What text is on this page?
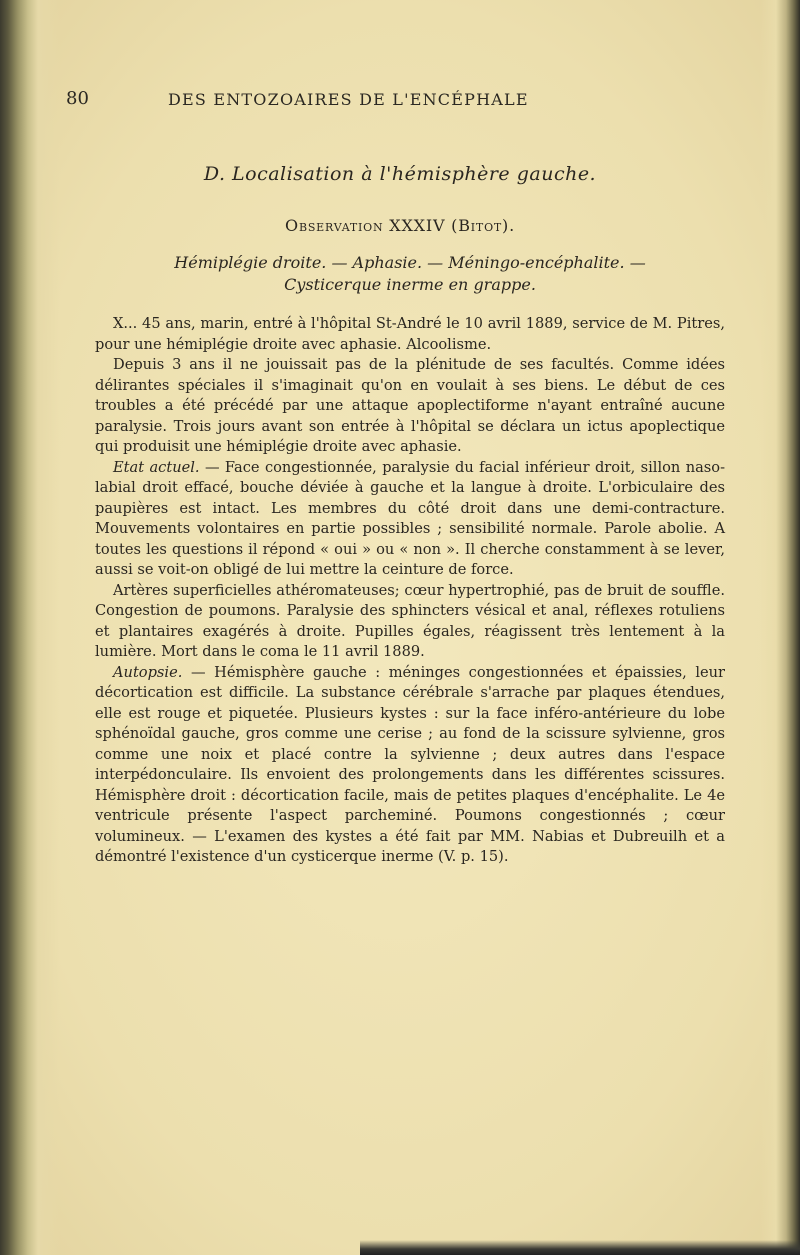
80	DES ENTOZOAIRES DE L'ENCÉPHALE
D. Localisation à l'hémisphère gauche.
Observation XXXIV (Bitot).
Hémiplégie droite. — Aphasie. — Méningo-encéphalite. —
Cysticerque inerme en grappe.

X... 45 ans, marin, entré à l'hôpital St-André le 10 avril 1889, service de M. Pitres, pour une hémiplégie droite avec aphasie. Alcoolisme.

Depuis 3 ans il ne jouissait pas de la plénitude de ses facultés. Comme idées délirantes spéciales il s'imaginait qu'on en voulait à ses biens. Le début de ces troubles a été précédé par une attaque apoplectiforme n'ayant entraîné aucune paralysie. Trois jours avant son entrée à l'hôpital se déclara un ictus apoplectique qui produisit une hémiplégie droite avec aphasie.

Etat actuel. — Face congestionnée, paralysie du facial inférieur droit, sillon naso-labial droit effacé, bouche déviée à gauche et la langue à droite. L'orbiculaire des paupières est intact. Les membres du côté droit dans une demi-contracture. Mouvements volontaires en partie possibles ; sensibilité normale. Parole abolie. A toutes les questions il répond « oui » ou « non ». Il cherche constamment à se lever, aussi se voit-on obligé de lui mettre la ceinture de force.

Artères superficielles athéromateuses; cœur hypertrophié, pas de bruit de souffle. Congestion de poumons. Paralysie des sphincters vésical et anal, réflexes rotuliens et plantaires exagérés à droite. Pupilles égales, réagissent très lentement à la lumière. Mort dans le coma le 11 avril 1889.

Autopsie. — Hémisphère gauche : méninges congestionnées et épaissies, leur décortication est difficile. La substance cérébrale s'arrache par plaques étendues, elle est rouge et piquetée. Plusieurs kystes : sur la face inféro-antérieure du lobe sphénoïdal gauche, gros comme une cerise ; au fond de la scissure sylvienne, gros comme une noix et placé contre la sylvienne ; deux autres dans l'espace interpédonculaire. Ils envoient des prolongements dans les différentes scissures. Hémisphère droit : décortication facile, mais de petites plaques d'encéphalite. Le 4e ventricule présente l'aspect parcheminé. Poumons congestionnés ; cœur volumineux. — L'examen des kystes a été fait par MM. Nabias et Dubreuilh et a démontré l'existence d'un cysticerque inerme (V. p. 15).
